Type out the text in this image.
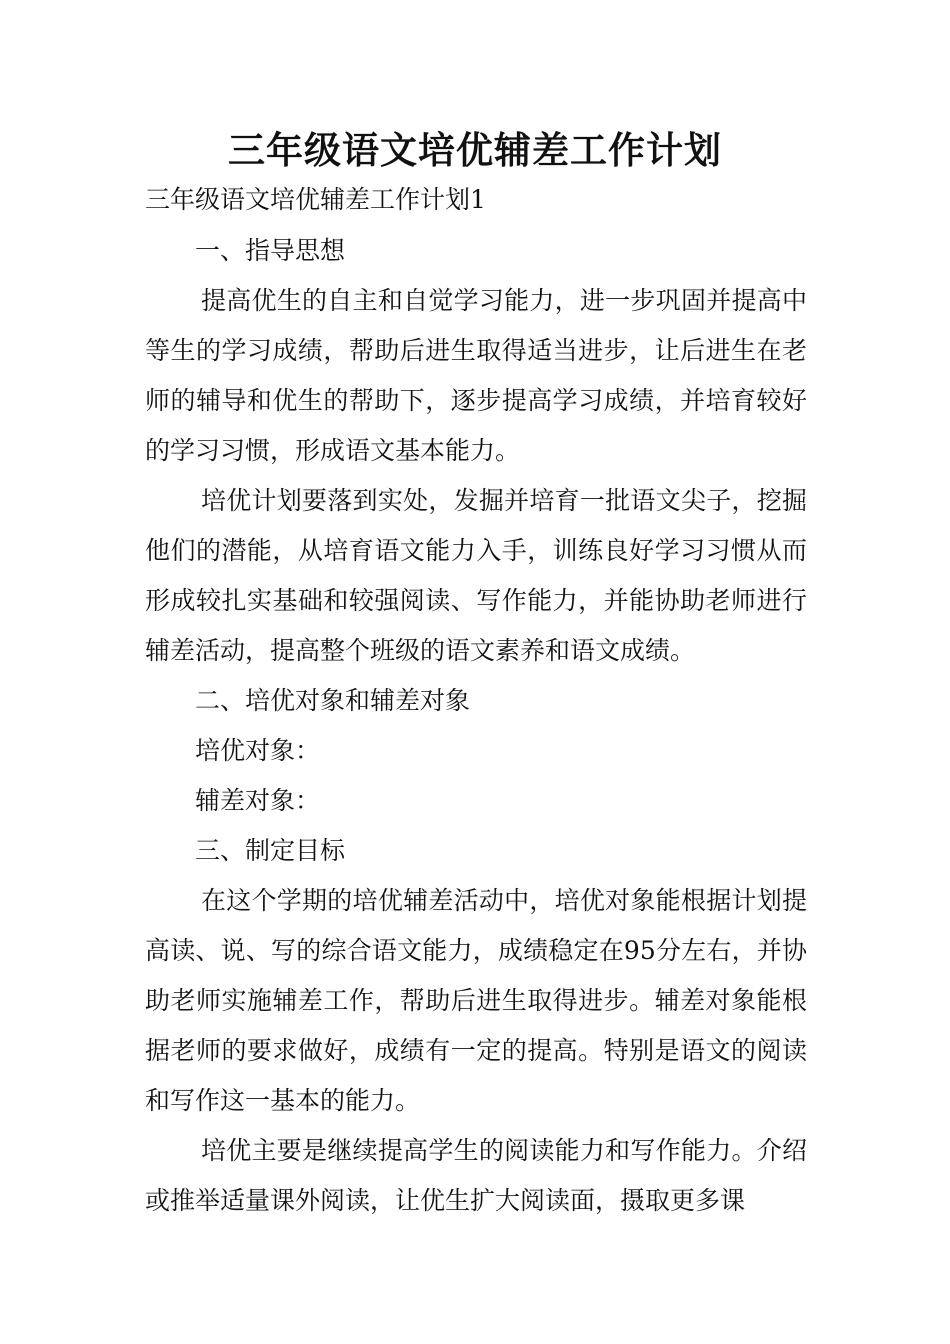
三年级语文培优辅差工作计划

三年级语文培优辅差工作计划1

一、指导思想

提高优生的自主和自觉学习能力，进一步巩固并提高中等生的学习成绩，帮助后进生取得适当进步，让后进生在老师的辅导和优生的帮助下，逐步提高学习成绩，并培育较好的学习习惯，形成语文基本能力。

培优计划要落到实处，发掘并培育一批语文尖子，挖掘他们的潜能，从培育语文能力入手，训练良好学习习惯从而形成较扎实基础和较强阅读、写作能力，并能协助老师进行辅差活动，提高整个班级的语文素养和语文成绩。

二、培优对象和辅差对象

培优对象：

辅差对象：

三、制定目标

在这个学期的培优辅差活动中，培优对象能根据计划提高读、说、写的综合语文能力，成绩稳定在95分左右，并协助老师实施辅差工作，帮助后进生取得进步。辅差对象能根据老师的要求做好，成绩有一定的提高。特别是语文的阅读和写作这一基本的能力。

培优主要是继续提高学生的阅读能力和写作能力。介绍或推举适量课外阅读，让优生扩大阅读面，摄取更多课
